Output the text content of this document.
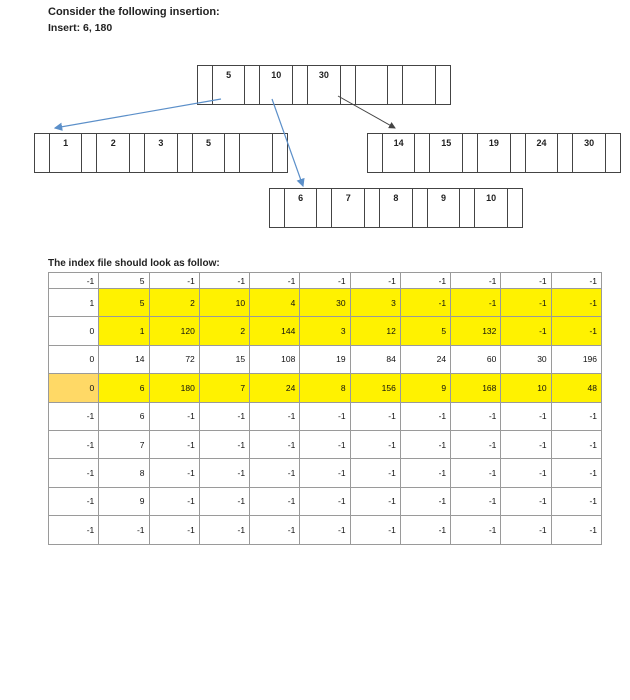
Consider the following insertion:
Insert: 6, 180
5	10	30
1	2	3	5
6	7	8	9	10
14	15	19	24	30
The index file should look as follow:
-1	5	-1	-1	-1	-1	-1	-1	-1	-1	-1
1	5	2	10	4	30	3	-1	-1	-1	-1
0	1	120	2	144	3	12	5	132	-1	-1
0	14	72	15	108	19	84	24	60	30	196
0	6	180	7	24	8	156	9	168	10	48
-1	6	-1	-1	-1	-1	-1	-1	-1	-1	-1
-1	7	-1	-1	-1	-1	-1	-1	-1	-1	-1
-1	8	-1	-1	-1	-1	-1	-1	-1	-1	-1
-1	9	-1	-1	-1	-1	-1	-1	-1	-1	-1
-1	-1	-1	-1	-1	-1	-1	-1	-1	-1	-1
